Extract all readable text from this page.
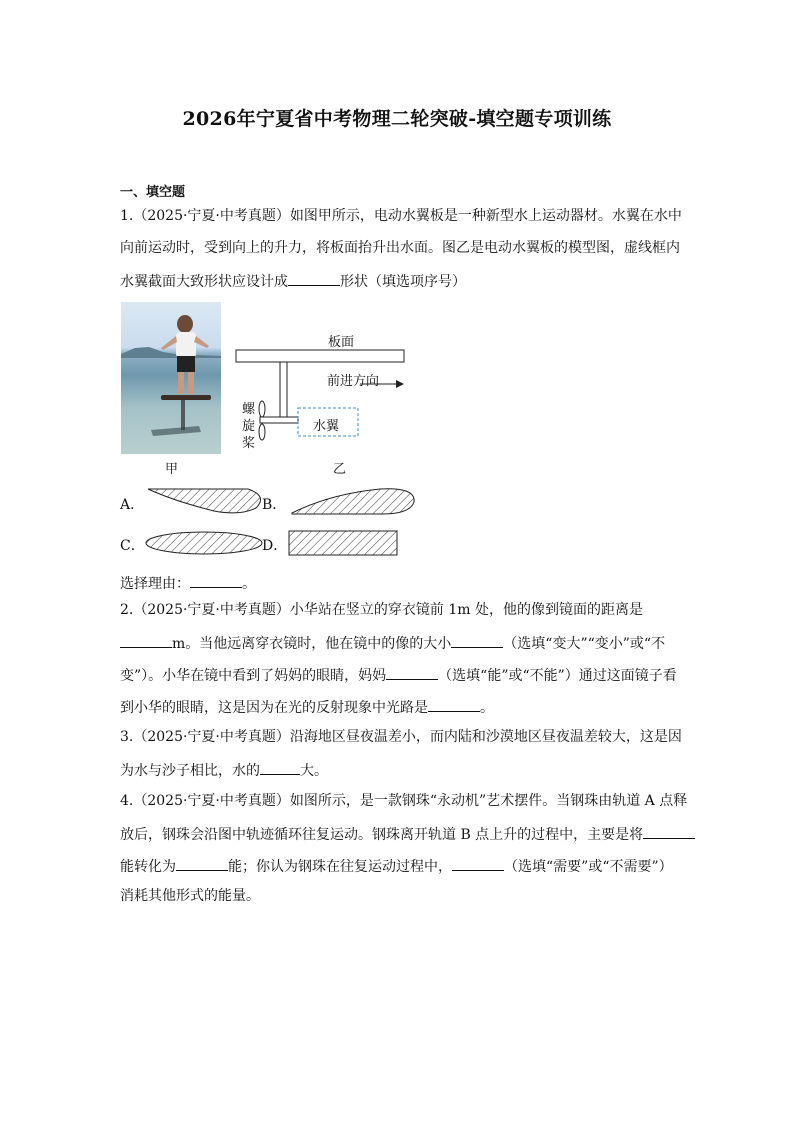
2026年宁夏省中考物理二轮突破-填空题专项训练
一、填空题
1.（2025·宁夏·中考真题）如图甲所示，电动水翼板是一种新型水上运动器材。水翼在水中
向前运动时，受到向上的升力，将板面抬升出水面。图乙是电动水翼板的模型图，虚线框内
水翼截面大致形状应设计成	形状（填选项序号）
甲
板面
前进方向
螺
旋
桨
水翼
乙
A．	B．
C．	D．
选择理由：	。
2.（2025·宁夏·中考真题）小华站在竖立的穿衣镜前 1m 处，他的像到镜面的距离是
m。当他远离穿衣镜时，他在镜中的像的大小	（选填“变大”“变小”或“不
变”）。小华在镜中看到了妈妈的眼睛，妈妈	（选填“能”或“不能”）通过这面镜子看
到小华的眼睛，这是因为在光的反射现象中光路是	。
3.（2025·宁夏·中考真题）沿海地区昼夜温差小，而内陆和沙漠地区昼夜温差较大，这是因
为水与沙子相比，水的	大。
4.（2025·宁夏·中考真题）如图所示，是一款钢珠“永动机”艺术摆件。当钢珠由轨道 A 点释
放后，钢珠会沿图中轨迹循环往复运动。钢珠离开轨道 B 点上升的过程中，主要是将
能转化为	能；你认为钢珠在往复运动过程中，	（选填“需要”或“不需要”）
消耗其他形式的能量。
